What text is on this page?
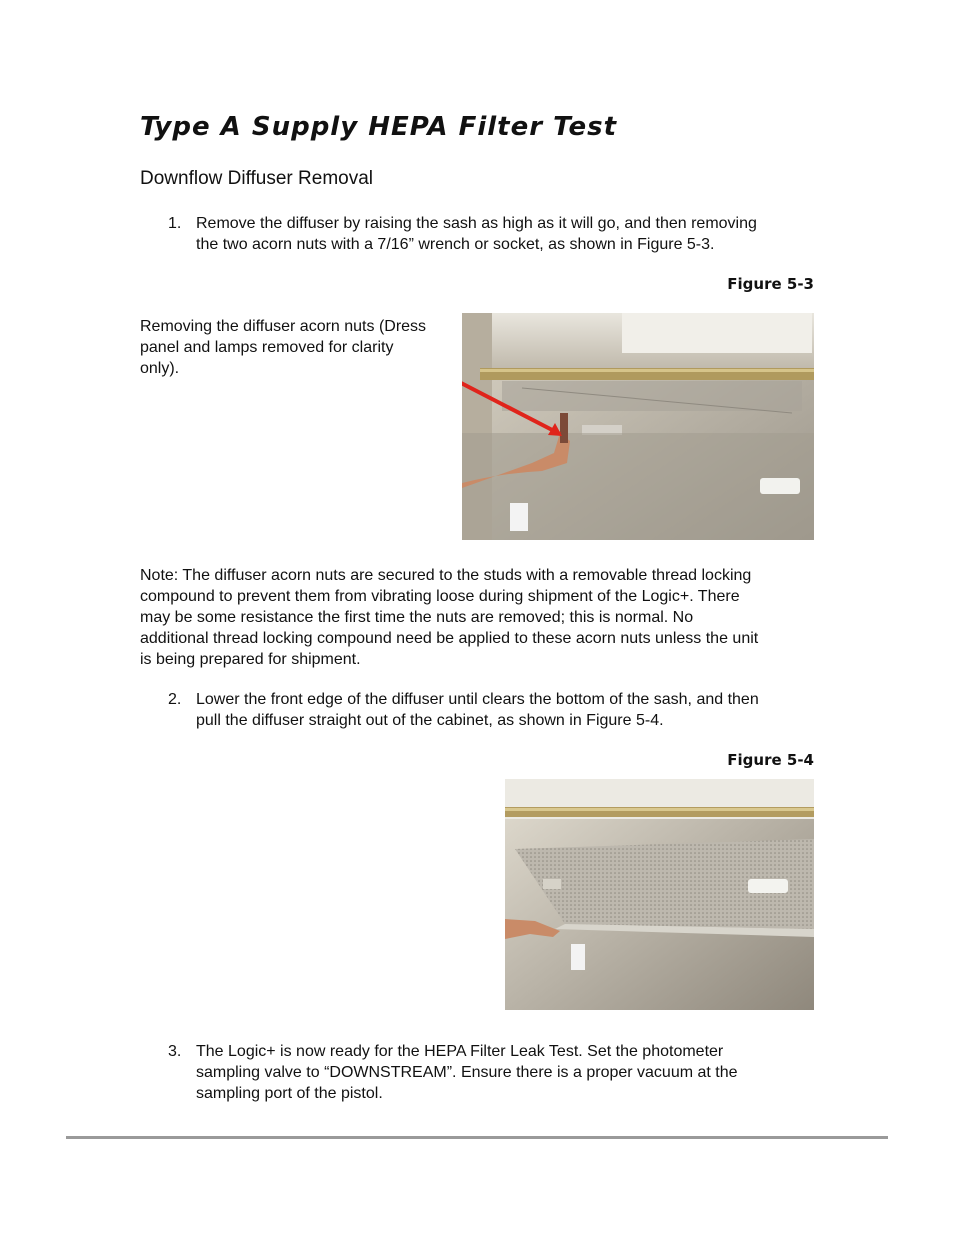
Type A Supply HEPA Filter Test
Downflow Diffuser Removal
1. Remove the diffuser by raising the sash as high as it will go, and then removing
the two acorn nuts with a 7/16” wrench or socket, as shown in Figure 5-3.
Figure 5-3
Removing the diffuser acorn nuts (Dress
panel and lamps removed for clarity
only).
Note: The diffuser acorn nuts are secured to the studs with a removable thread locking
compound to prevent them from vibrating loose during shipment of the Logic+. There
may be some resistance the first time the nuts are removed; this is normal. No
additional thread locking compound need be applied to these acorn nuts unless the unit
is being prepared for shipment.
2. Lower the front edge of the diffuser until clears the bottom of the sash, and then
pull the diffuser straight out of the cabinet, as shown in Figure 5-4.
Figure 5-4
3. The Logic+ is now ready for the HEPA Filter Leak Test. Set the photometer
sampling valve to “DOWNSTREAM”. Ensure there is a proper vacuum at the
sampling port of the pistol.
